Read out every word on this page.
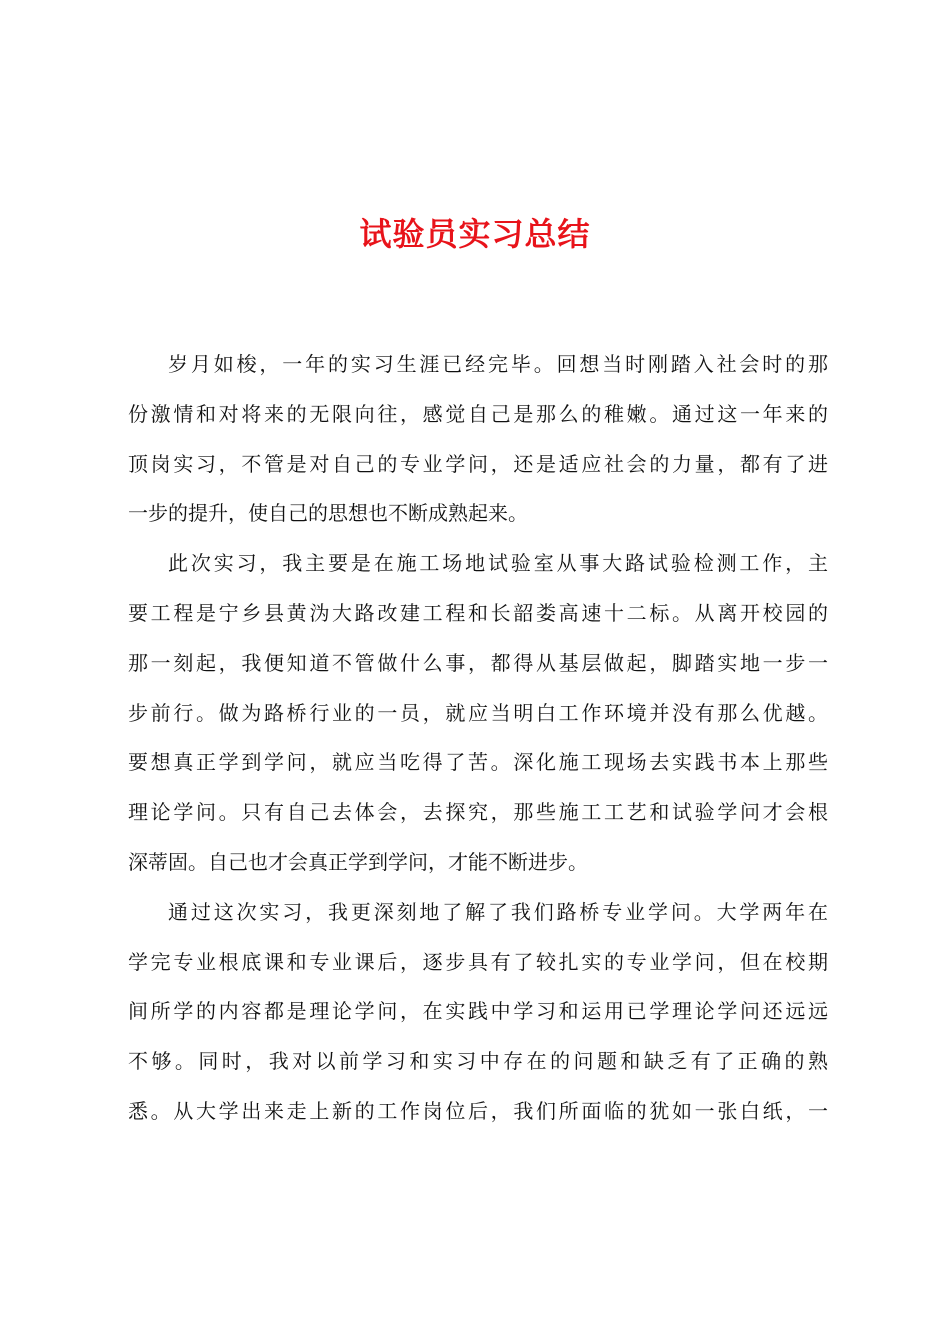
试验员实习总结
岁月如梭，一年的实习生涯已经完毕。回想当时刚踏入社会时的那
份激情和对将来的无限向往，感觉自己是那么的稚嫩。通过这一年来的
顶岗实习，不管是对自己的专业学问，还是适应社会的力量，都有了进
一步的提升，使自己的思想也不断成熟起来。
此次实习，我主要是在施工场地试验室从事大路试验检测工作，主
要工程是宁乡县黄沩大路改建工程和长韶娄高速十二标。从离开校园的
那一刻起，我便知道不管做什么事，都得从基层做起，脚踏实地一步一
步前行。做为路桥行业的一员，就应当明白工作环境并没有那么优越。
要想真正学到学问，就应当吃得了苦。深化施工现场去实践书本上那些
理论学问。只有自己去体会，去探究，那些施工工艺和试验学问才会根
深蒂固。自己也才会真正学到学问，才能不断进步。
通过这次实习，我更深刻地了解了我们路桥专业学问。大学两年在
学完专业根底课和专业课后，逐步具有了较扎实的专业学问，但在校期
间所学的内容都是理论学问，在实践中学习和运用已学理论学问还远远
不够。同时，我对以前学习和实习中存在的问题和缺乏有了正确的熟
悉。从大学出来走上新的工作岗位后，我们所面临的犹如一张白纸，一
